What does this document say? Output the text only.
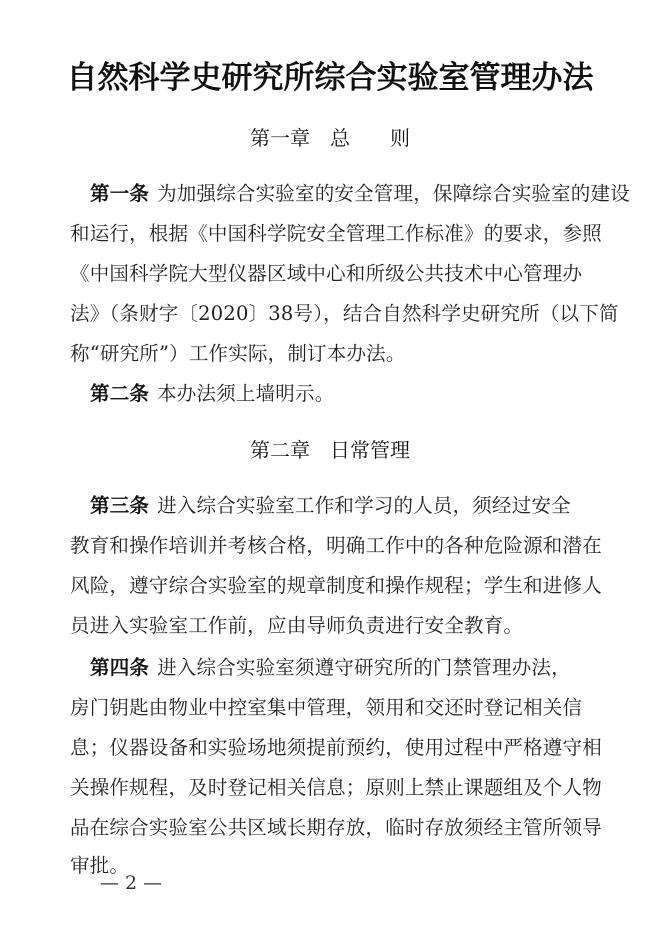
自然科学史研究所综合实验室管理办法
第一章　总　　则
第一条 为加强综合实验室的安全管理，保障综合实验室的建设
和运行，根据《中国科学院安全管理工作标准》的要求，参照
《中国科学院大型仪器区域中心和所级公共技术中心管理办
法》（条财字〔2020〕38号），结合自然科学史研究所（以下简
称“研究所”）工作实际，制订本办法。
第二条 本办法须上墙明示。
第二章　日常管理
第三条 进入综合实验室工作和学习的人员，须经过安全
教育和操作培训并考核合格，明确工作中的各种危险源和潜在
风险，遵守综合实验室的规章制度和操作规程；学生和进修人
员进入实验室工作前，应由导师负责进行安全教育。
第四条 进入综合实验室须遵守研究所的门禁管理办法，
房门钥匙由物业中控室集中管理，领用和交还时登记相关信
息；仪器设备和实验场地须提前预约，使用过程中严格遵守相
关操作规程，及时登记相关信息；原则上禁止课题组及个人物
品在综合实验室公共区域长期存放，临时存放须经主管所领导
审批。
— 2 —
